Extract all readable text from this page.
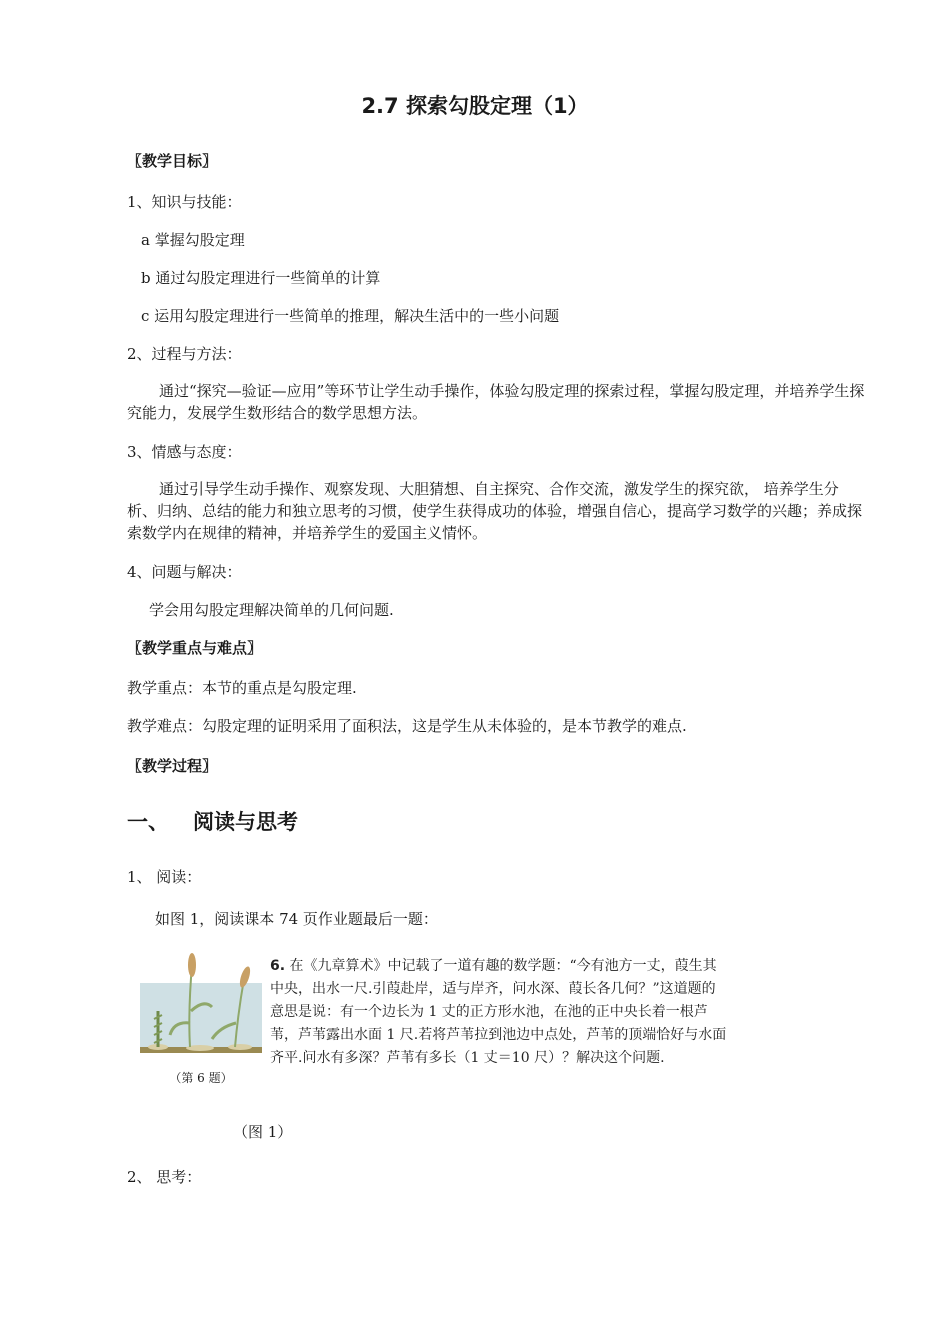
2.7 探索勾股定理（1）
〖教学目标〗
1、知识与技能：
a 掌握勾股定理
b 通过勾股定理进行一些简单的计算
c 运用勾股定理进行一些简单的推理，解决生活中的一些小问题
2、过程与方法：
通过“探究—验证—应用”等环节让学生动手操作，体验勾股定理的探索过程，掌握勾股定理，并培养学生探究能力，发展学生数形结合的数学思想方法。
3、情感与态度：
通过引导学生动手操作、观察发现、大胆猜想、自主探究、合作交流，激发学生的探究欲， 培养学生分析、归纳、总结的能力和独立思考的习惯，使学生获得成功的体验，增强自信心，提高学习数学的兴趣；养成探索数学内在规律的精神，并培养学生的爱国主义情怀。
4、问题与解决：
学会用勾股定理解决简单的几何问题.
〖教学重点与难点〗
教学重点：本节的重点是勾股定理.
教学难点：勾股定理的证明采用了面积法，这是学生从未体验的，是本节教学的难点.
〖教学过程〗
一、 阅读与思考
1、 阅读：
如图 1，阅读课本 74 页作业题最后一题：
（第 6 题）
6. 在《九章算术》中记载了一道有趣的数学题：“今有池方一丈，葭生其中央，出水一尺.引葭赴岸，适与岸齐，问水深、葭长各几何？”这道题的意思是说：有一个边长为 1 丈的正方形水池，在池的正中央长着一根芦苇，芦苇露出水面 1 尺.若将芦苇拉到池边中点处，芦苇的顶端恰好与水面齐平.问水有多深？芦苇有多长（1 丈＝10 尺）？解决这个问题.
（图 1）
2、 思考：
